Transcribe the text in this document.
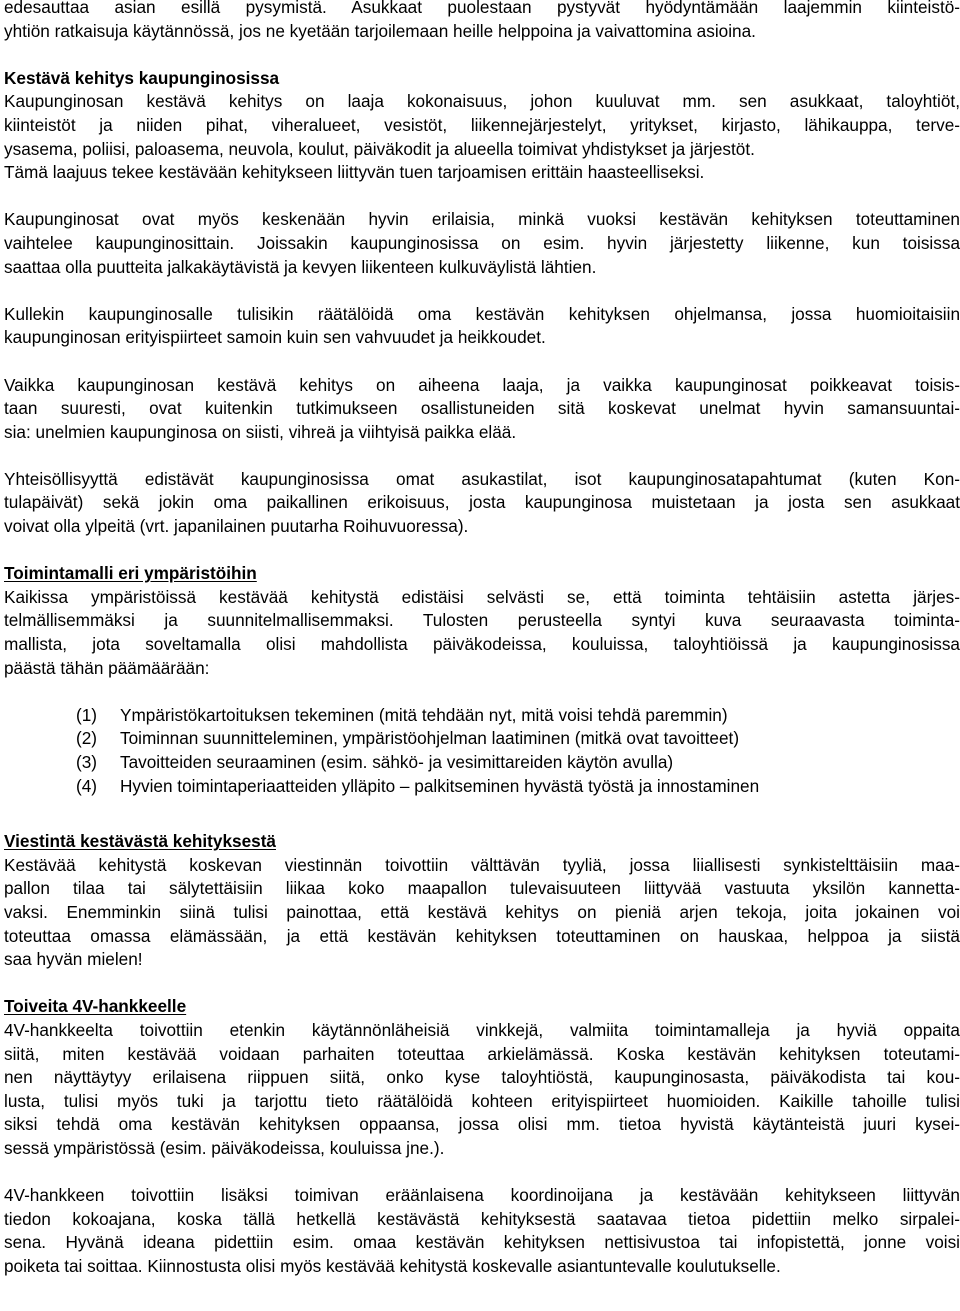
edesauttaa asian esillä pysymistä. Asukkaat puolestaan pystyvät hyödyntämään laajemmin kiinteistö-
yhtiön ratkaisuja käytännössä, jos ne kyetään tarjoilemaan heille helppoina ja vaivattomina asioina.
Kestävä kehitys kaupunginosissa
Kaupunginosan kestävä kehitys on laaja kokonaisuus, johon kuuluvat mm. sen asukkaat, taloyhtiöt,
kiinteistöt ja niiden pihat, viheralueet, vesistöt, liikennejärjestelyt, yritykset, kirjasto, lähikauppa, terve-
ysasema, poliisi, paloasema, neuvola, koulut, päiväkodit ja alueella toimivat yhdistykset ja järjestöt.
Tämä laajuus tekee kestävään kehitykseen liittyvän tuen tarjoamisen erittäin haasteelliseksi.
Kaupunginosat ovat myös keskenään hyvin erilaisia, minkä vuoksi kestävän kehityksen toteuttaminen
vaihtelee kaupunginosittain. Joissakin kaupunginosissa on esim. hyvin järjestetty liikenne, kun toisissa
saattaa olla puutteita jalkakäytävistä ja kevyen liikenteen kulkuväylistä lähtien.
Kullekin kaupunginosalle tulisikin räätälöidä oma kestävän kehityksen ohjelmansa, jossa huomioitaisiin
kaupunginosan erityispiirteet samoin kuin sen vahvuudet ja heikkoudet.
Vaikka kaupunginosan kestävä kehitys on aiheena laaja, ja vaikka kaupunginosat poikkeavat toisis-
taan suuresti, ovat kuitenkin tutkimukseen osallistuneiden sitä koskevat unelmat hyvin samansuuntai-
sia: unelmien kaupunginosa on siisti, vihreä ja viihtyisä paikka elää.
Yhteisöllisyyttä edistävät kaupunginosissa omat asukastilat, isot kaupunginosatapahtumat (kuten Kon-
tulapäivät) sekä jokin oma paikallinen erikoisuus, josta kaupunginosa muistetaan ja josta sen asukkaat
voivat olla ylpeitä (vrt. japanilainen puutarha Roihuvuoressa).
Toimintamalli eri ympäristöihin
Kaikissa ympäristöissä kestävää kehitystä edistäisi selvästi se, että toiminta tehtäisiin astetta järjes-
telmällisemmäksi ja suunnitelmallisemmaksi. Tulosten perusteella syntyi kuva seuraavasta toiminta-
mallista, jota soveltamalla olisi mahdollista päiväkodeissa, kouluissa, taloyhtiöissä ja kaupunginosissa
päästä tähän päämäärään:
(1)	Ympäristökartoituksen tekeminen (mitä tehdään nyt, mitä voisi tehdä paremmin)
(2)	Toiminnan suunnitteleminen, ympäristöohjelman laatiminen (mitkä ovat tavoitteet)
(3)	Tavoitteiden seuraaminen (esim. sähkö- ja vesimittareiden käytön avulla)
(4)	Hyvien toimintaperiaatteiden ylläpito – palkitseminen hyvästä työstä ja innostaminen
Viestintä kestävästä kehityksestä
Kestävää kehitystä koskevan viestinnän toivottiin välttävän tyyliä, jossa liiallisesti synkistelttäisiin maa-
pallon tilaa tai sälytettäisiin liikaa koko maapallon tulevaisuuteen liittyvää vastuuta yksilön kannetta-
vaksi. Enemminkin siinä tulisi painottaa, että kestävä kehitys on pieniä arjen tekoja, joita jokainen voi
toteuttaa omassa elämässään, ja että kestävän kehityksen toteuttaminen on hauskaa, helppoa ja siistä
saa hyvän mielen!
Toiveita 4V-hankkeelle
4V-hankkeelta toivottiin etenkin käytännönläheisiä vinkkejä, valmiita toimintamalleja ja hyviä oppaita
siitä, miten kestävää voidaan parhaiten toteuttaa arkielämässä. Koska kestävän kehityksen toteutami-
nen näyttäytyy erilaisena riippuen siitä, onko kyse taloyhtiöstä, kaupunginosasta, päiväkodista tai kou-
lusta, tulisi myös tuki ja tarjottu tieto räätälöidä kohteen erityispiirteet huomioiden. Kaikille tahoille tulisi
siksi tehdä oma kestävän kehityksen oppaansa, jossa olisi mm. tietoa hyvistä käytänteistä juuri kysei-
sessä ympäristössä (esim. päiväkodeissa, kouluissa jne.).
4V-hankkeen toivottiin lisäksi toimivan eräänlaisena koordinoijana ja kestävään kehitykseen liittyvän
tiedon kokoajana, koska tällä hetkellä kestävästä kehityksestä saatavaa tietoa pidettiin melko sirpalei-
sena. Hyvänä ideana pidettiin esim. omaa kestävän kehityksen nettisivustoa tai infopistettä, jonne voisi
poiketa tai soittaa. Kiinnostusta olisi myös kestävää kehitystä koskevalle asiantuntevalle koulutukselle.
